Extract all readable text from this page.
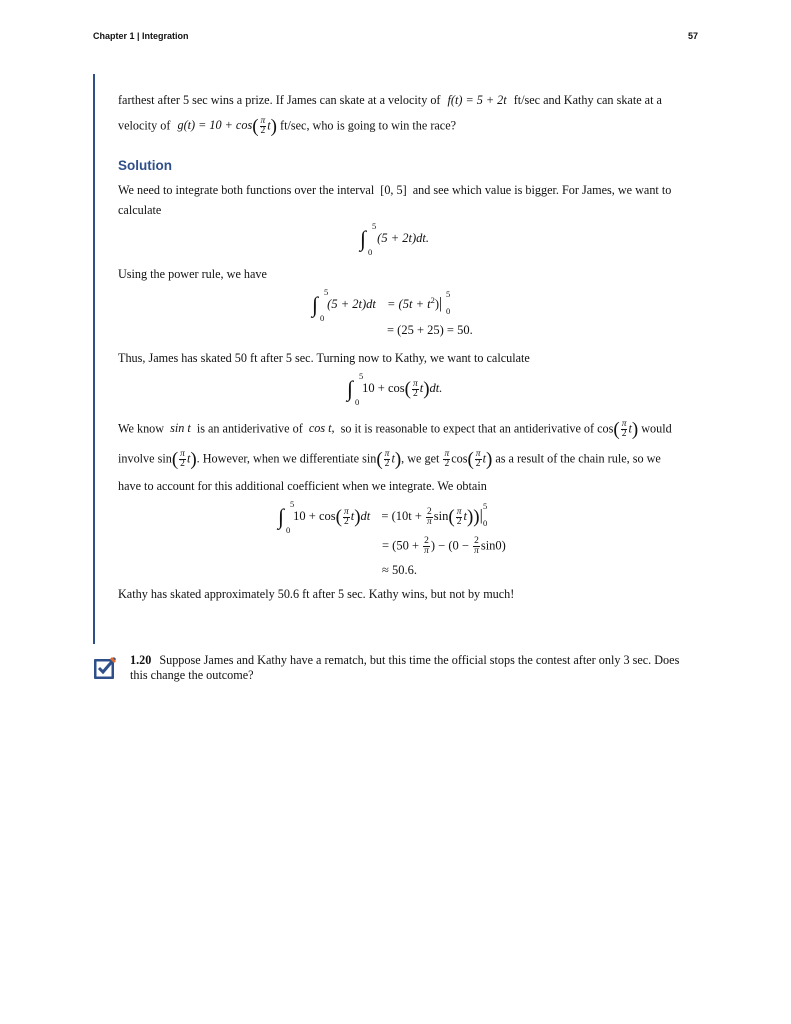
Chapter 1 | Integration	57
farthest after 5 sec wins a prize. If James can skate at a velocity of f(t) = 5 + 2t ft/sec and Kathy can skate at a
velocity of $g(t) = 10 + \cos( \frac{\pi}{2} t)$ ft/sec, who is going to win the race?
Solution
We need to integrate both functions over the interval [0, 5] and see which value is bigger. For James, we want to
calculate
∫ 5
0
(5 + 2t)dt.
Using the power rule, we have
∫ 5
0
$(5 + 2t)dt = (5t + t^2)|$
5
0
= (25 + 25) = 50.
Thus, James has skated 50 ft after 5 sec. Turning now to Kathy, we want to calculate
∫ 5
0
$10 + \cos( \frac{\pi}{2} t)dt$.
We know sin t is an antiderivative of cos t, so it is reasonable to expect that an antiderivative of $\cos( \frac{\pi}{2} t)$ would
involve $\sin( \frac{\pi}{2} t)$. However, when we differentiate $\sin( \frac{\pi}{2} t)$, we get $\frac{\pi}{2} \cos( \frac{\pi}{2} t)$ as a result of the chain rule, so we
have to account for this additional coefficient when we integrate. We obtain
∫ 5
0
$10 + \cos( \frac{\pi}{2} t)dt = (10t + \frac{2}{\pi} \sin( \frac{\pi}{2} t))|$
5
0
= ($50 + \frac{2}{\pi}$ ) − $(0 - \frac{2}{\pi} \sin 0)$
≈ 50.6.
Kathy has skated approximately 50.6 ft after 5 sec. Kathy wins, but not by much!
1.20 Suppose James and Kathy have a rematch, but this time the official stops the contest after only 3 sec. Does this change the outcome?
